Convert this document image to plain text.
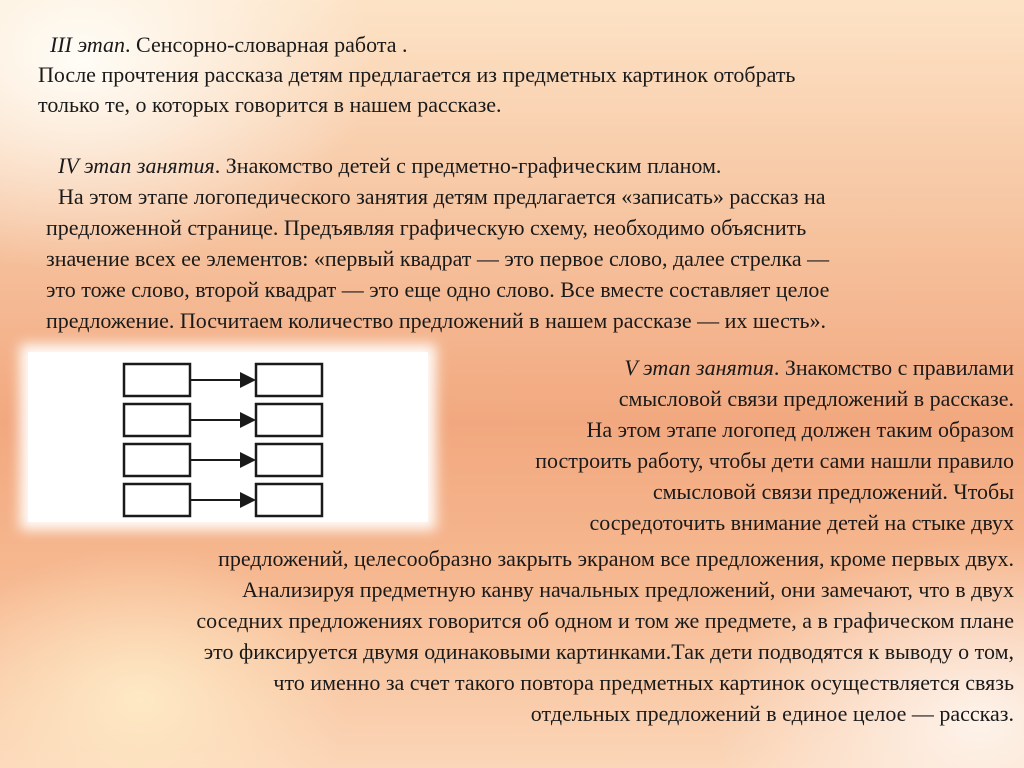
III этап. Сенсорно-словарная работа .
После прочтения рассказа детям предлагается из предметных картинок отобрать
только те, о которых говорится в нашем рассказе.
IV этап занятия. Знакомство детей с предметно-графическим планом.
На этом этапе логопедического занятия детям предлагается «записать» рассказ на
предложенной странице. Предъявляя графическую схему, необходимо объяснить
значение всех ее элементов: «первый квадрат — это первое слово, далее стрелка —
это тоже слово, второй квадрат — это еще одно слово. Все вместе составляет целое
предложение. Посчитаем количество предложений в нашем рассказе — их шесть».
V этап занятия. Знакомство с правилами
смысловой связи предложений в рассказе.
На этом этапе логопед должен таким образом
построить работу, чтобы дети сами нашли правило
смысловой связи предложений. Чтобы
сосредоточить внимание детей на стыке двух
предложений, целесообразно закрыть экраном все предложения, кроме первых двух.
Анализируя предметную канву начальных предложений, они замечают, что в двух
соседних предложениях говорится об одном и том же предмете, а в графическом плане
это фиксируется двумя одинаковыми картинками.Так дети подводятся к выводу о том,
что именно за счет такого повтора предметных картинок осуществляется связь
отдельных предложений в единое целое — рассказ.
